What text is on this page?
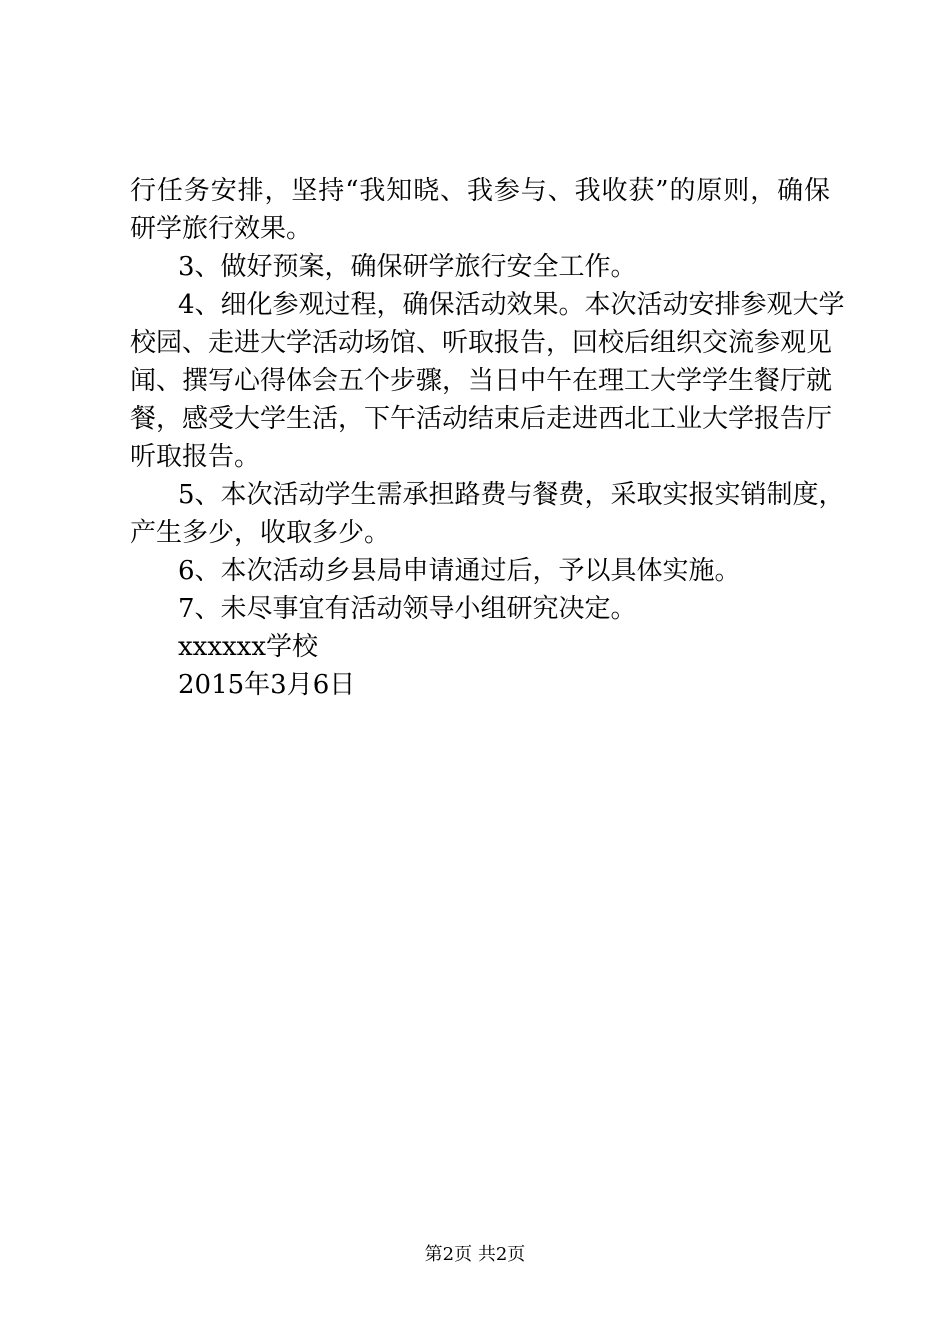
行任务安排，坚持“我知晓、我参与、我收获”的原则，确保
研学旅行效果。
3、做好预案，确保研学旅行安全工作。
4、细化参观过程，确保活动效果。本次活动安排参观大学
校园、走进大学活动场馆、听取报告，回校后组织交流参观见
闻、撰写心得体会五个步骤，当日中午在理工大学学生餐厅就
餐，感受大学生活，下午活动结束后走进西北工业大学报告厅
听取报告。
5、本次活动学生需承担路费与餐费，采取实报实销制度，
产生多少，收取多少。
6、本次活动乡县局申请通过后，予以具体实施。
7、未尽事宜有活动领导小组研究决定。
xxxxxx学校
2015年3月6日
第2页 共2页
